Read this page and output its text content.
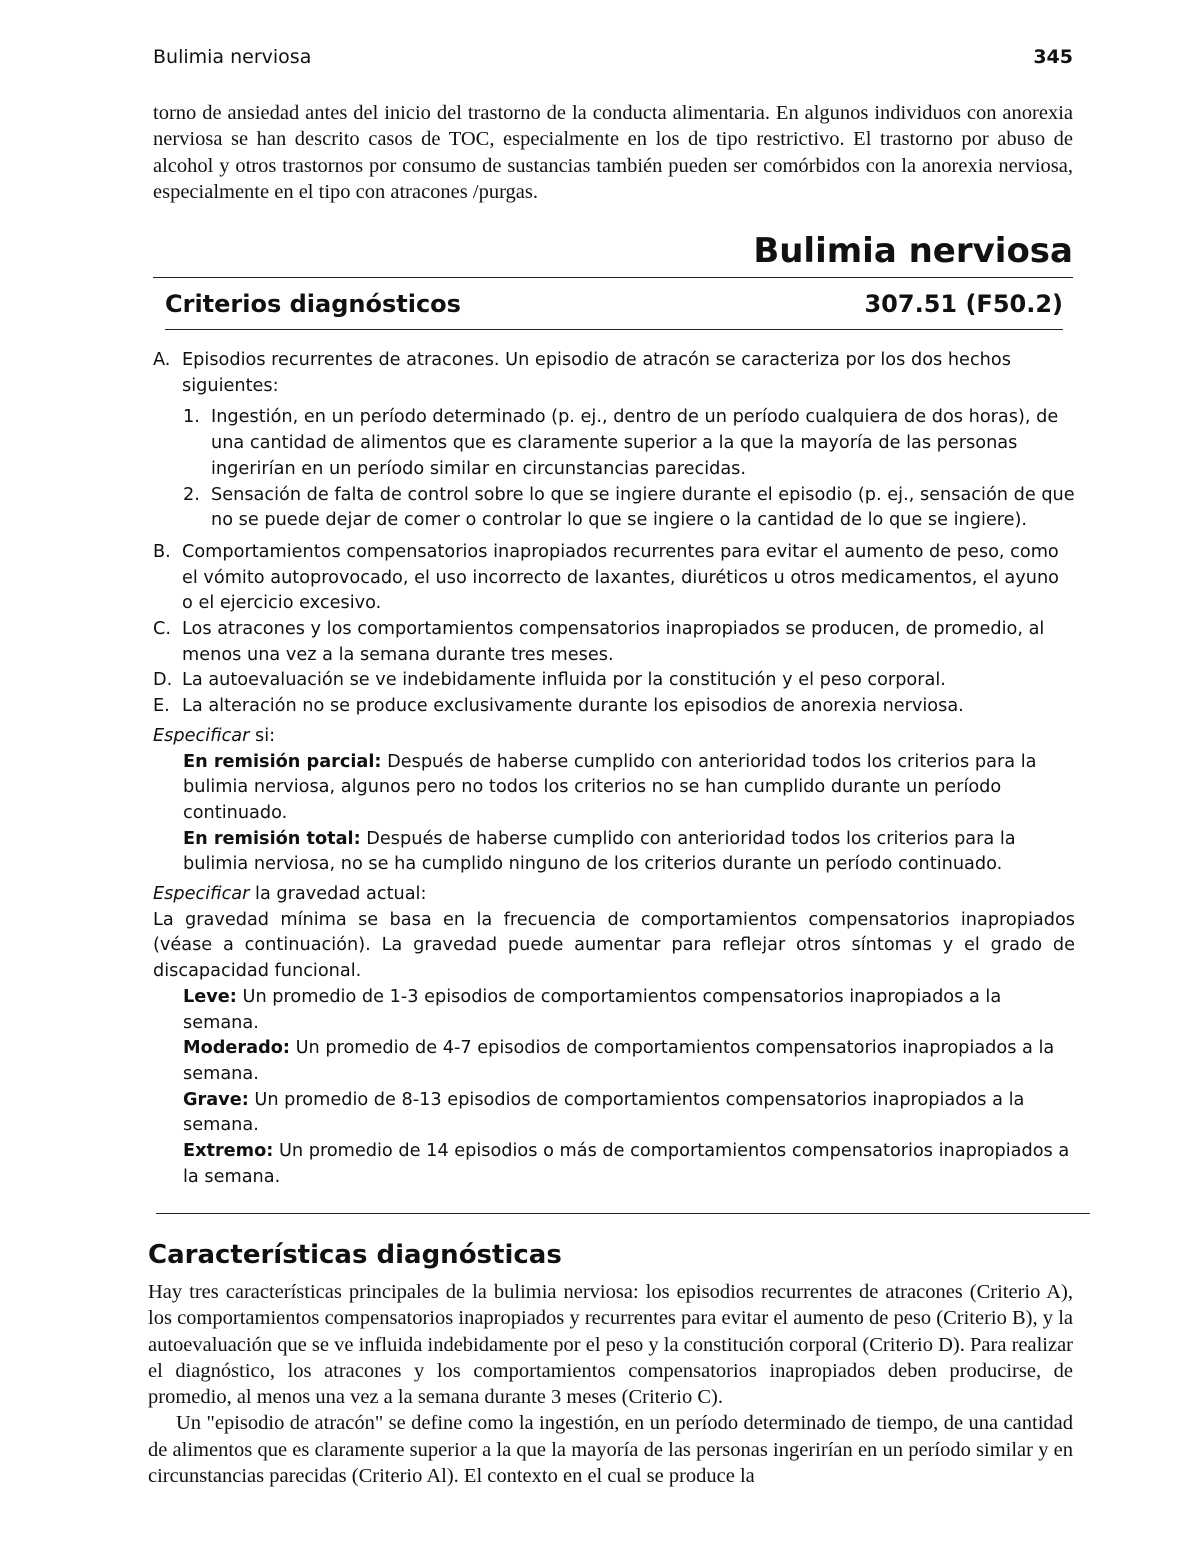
Bulimia nerviosa	345

torno de ansiedad antes del inicio del trastorno de la conducta alimentaria. En algunos individuos con anorexia nerviosa se han descrito casos de TOC, especialmente en los de tipo restrictivo. El trastorno por abuso de alcohol y otros trastornos por consumo de sustancias también pueden ser comórbidos con la anorexia nerviosa, especialmente en el tipo con atracones /purgas.

Bulimia nerviosa
Criterios diagnósticos	307.51 (F50.2)
A. Episodios recurrentes de atracones. Un episodio de atracón se caracteriza por los dos hechos siguientes:
1. Ingestión, en un período determinado (p. ej., dentro de un período cualquiera de dos horas), de una cantidad de alimentos que es claramente superior a la que la mayoría de las personas ingerirían en un período similar en circunstancias parecidas.
2. Sensación de falta de control sobre lo que se ingiere durante el episodio (p. ej., sensación de que no se puede dejar de comer o controlar lo que se ingiere o la cantidad de lo que se ingiere).
B. Comportamientos compensatorios inapropiados recurrentes para evitar el aumento de peso, como el vómito autoprovocado, el uso incorrecto de laxantes, diuréticos u otros medicamentos, el ayuno o el ejercicio excesivo.
C. Los atracones y los comportamientos compensatorios inapropiados se producen, de promedio, al menos una vez a la semana durante tres meses.
D. La autoevaluación se ve indebidamente influida por la constitución y el peso corporal.
E. La alteración no se produce exclusivamente durante los episodios de anorexia nerviosa.

Especificar si:

En remisión parcial: Después de haberse cumplido con anterioridad todos los criterios para la bulimia nerviosa, algunos pero no todos los criterios no se han cumplido durante un período continuado.

En remisión total: Después de haberse cumplido con anterioridad todos los criterios para la bulimia nerviosa, no se ha cumplido ninguno de los criterios durante un período continuado.

Especificar la gravedad actual:

La gravedad mínima se basa en la frecuencia de comportamientos compensatorios inapropiados (véase a continuación). La gravedad puede aumentar para reflejar otros síntomas y el grado de discapacidad funcional.

Leve: Un promedio de 1-3 episodios de comportamientos compensatorios inapropiados a la semana.

Moderado: Un promedio de 4-7 episodios de comportamientos compensatorios inapropiados a la semana.

Grave: Un promedio de 8-13 episodios de comportamientos compensatorios inapropiados a la semana.

Extremo: Un promedio de 14 episodios o más de comportamientos compensatorios inapropiados a la semana.

Características diagnósticas

Hay tres características principales de la bulimia nerviosa: los episodios recurrentes de atracones (Criterio A), los comportamientos compensatorios inapropiados y recurrentes para evitar el aumento de peso (Criterio B), y la autoevaluación que se ve influida indebidamente por el peso y la constitución corporal (Criterio D). Para realizar el diagnóstico, los atracones y los comportamientos compensatorios inapropiados deben producirse, de promedio, al menos una vez a la semana durante 3 meses (Criterio C).

Un "episodio de atracón" se define como la ingestión, en un período determinado de tiempo, de una cantidad de alimentos que es claramente superior a la que la mayoría de las personas ingerirían en un período similar y en circunstancias parecidas (Criterio Al). El contexto en el cual se produce la
